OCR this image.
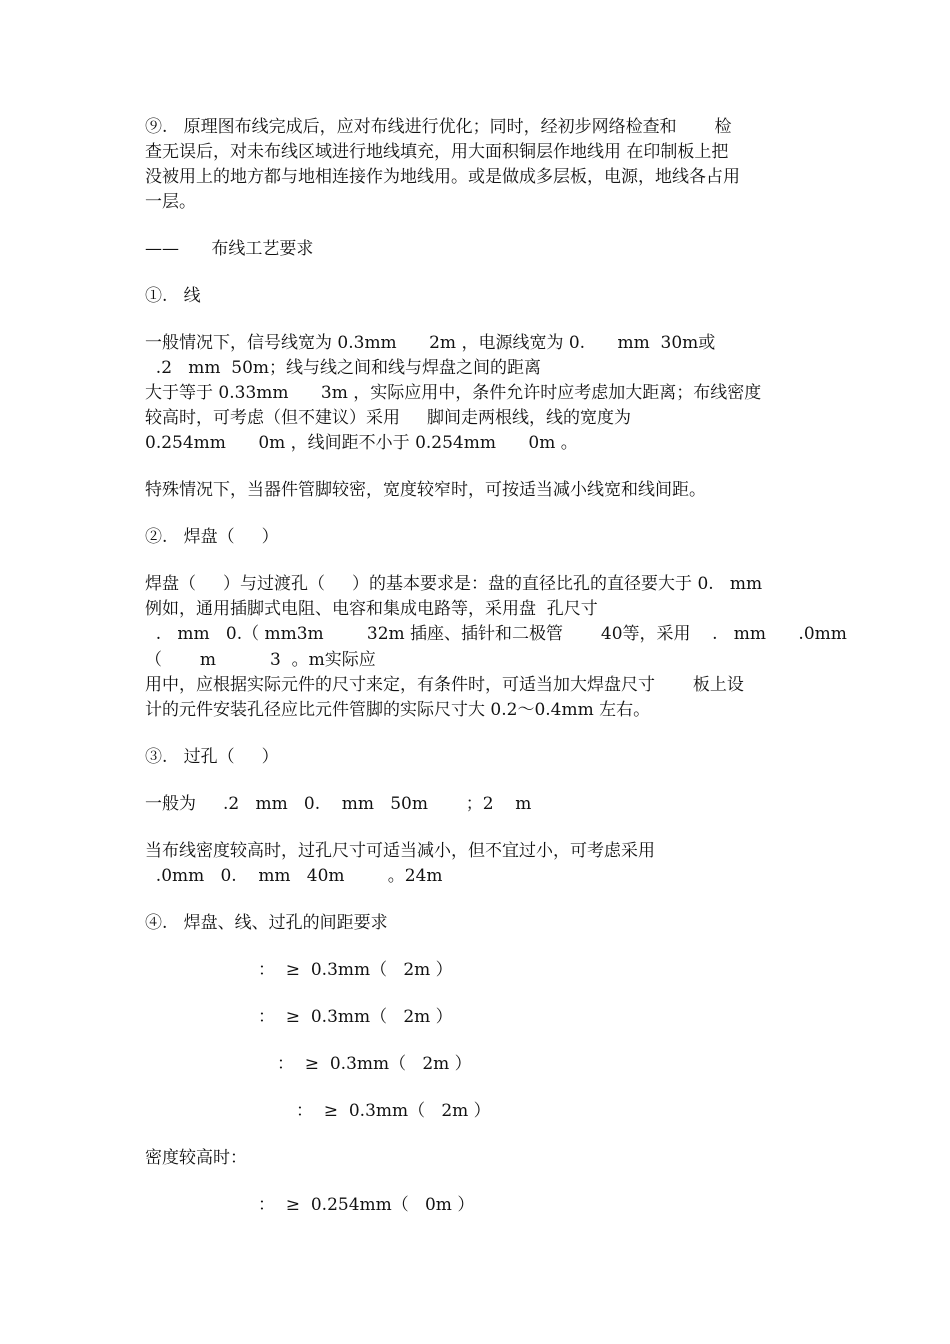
⑨.   原理图布线完成后，应对布线进行优化；同时，经初步网络检查和       检
查无误后，对未布线区域进行地线填充，用大面积铜层作地线用 在印制板上把
没被用上的地方都与地相连接作为地线用。或是做成多层板，电源，地线各占用
一层。
——      布线工艺要求
①.   线
一般情况下，信号线宽为 0.3mm      2m ，电源线宽为 0.      mm  30m或
.2   mm  50m；线与线之间和线与焊盘之间的距离
大于等于 0.33mm      3m ，实际应用中，条件允许时应考虑加大距离；布线密度
较高时，可考虑（但不建议）采用     脚间走两根线，线的宽度为
0.254mm      0m ，线间距不小于 0.254mm      0m 。
特殊情况下，当器件管脚较密，宽度较窄时，可按适当减小线宽和线间距。
②.   焊盘（     ）
焊盘（     ）与过渡孔（     ）的基本要求是：盘的直径比孔的直径要大于 0.   mm
例如，通用插脚式电阻、电容和集成电路等，采用盘  孔尺寸
.   mm   0.（ mm3m        32m 插座、插针和二极管       40等，采用    .   mm      .0mm
（       m          3  。m实际应
用中，应根据实际元件的尺寸来定，有条件时，可适当加大焊盘尺寸       板上设
计的元件安装孔径应比元件管脚的实际尺寸大 0.2～0.4mm 左右。
③.   过孔（     ）
一般为     .2   mm   0.    mm   50m       ；2    m
当布线密度较高时，过孔尺寸可适当减小，但不宜过小，可考虑采用
.0mm   0.    mm   40m        。24m
④.   焊盘、线、过孔的间距要求
：  ≥  0.3mm（   2m ）
：  ≥  0.3mm（   2m ）
：  ≥  0.3mm（   2m ）
：  ≥  0.3mm（   2m ）
密度较高时：
：  ≥  0.254mm（   0m ）
